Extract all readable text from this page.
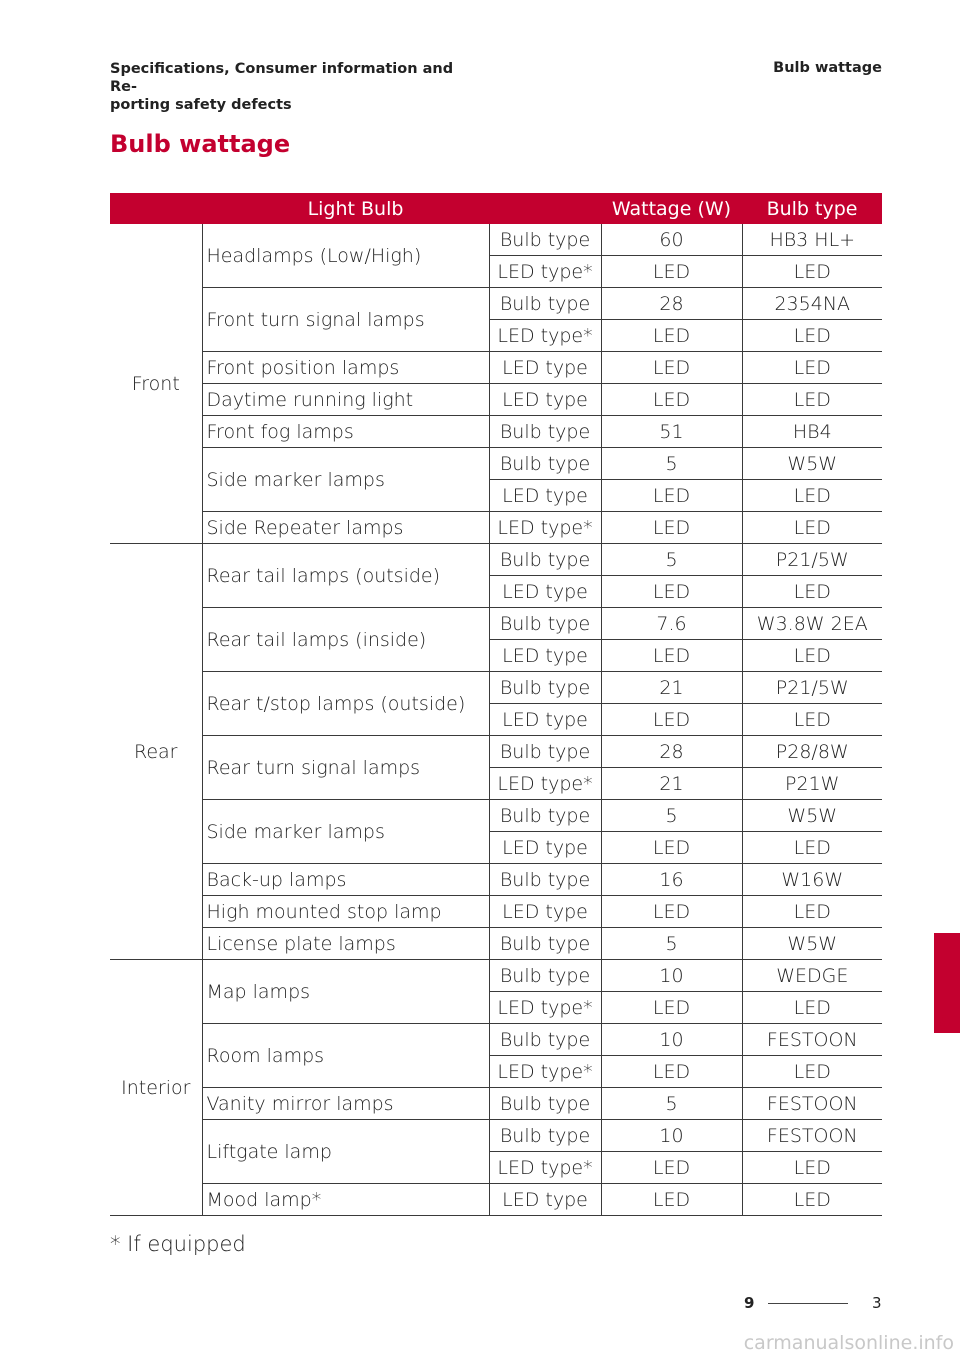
Specifications, Consumer information and Re-
porting safety defects
Bulb wattage
Bulb wattage
Light Bulb			Wattage (W)	Bulb type
Front	Headlamps (Low/High)	Bulb type	60	HB3 HL+
		LED type*	LED	LED
	Front turn signal lamps	Bulb type	28	2354NA
		LED type*	LED	LED
	Front position lamps	LED type	LED	LED
	Daytime running light	LED type	LED	LED
	Front fog lamps	Bulb type	51	HB4
	Side marker lamps	Bulb type	5	W5W
		LED type	LED	LED
	Side Repeater lamps	LED type*	LED	LED
Rear	Rear tail lamps (outside)	Bulb type	5	P21/5W
		LED type	LED	LED
	Rear tail lamps (inside)	Bulb type	7.6	W3.8W 2EA
		LED type	LED	LED
	Rear t/stop lamps (outside)	Bulb type	21	P21/5W
		LED type	LED	LED
	Rear turn signal lamps	Bulb type	28	P28/8W
		LED type*	21	P21W
	Side marker lamps	Bulb type	5	W5W
		LED type	LED	LED
	Back-up lamps	Bulb type	16	W16W
	High mounted stop lamp	LED type	LED	LED
	License plate lamps	Bulb type	5	W5W
Interior	Map lamps	Bulb type	10	WEDGE
		LED type*	LED	LED
	Room lamps	Bulb type	10	FESTOON
		LED type*	LED	LED
	Vanity mirror lamps	Bulb type	5	FESTOON
	Liftgate lamp	Bulb type	10	FESTOON
		LED type*	LED	LED
	Mood lamp*	LED type	LED	LED
* If equipped
9
9	3
carmanualsonline.info
